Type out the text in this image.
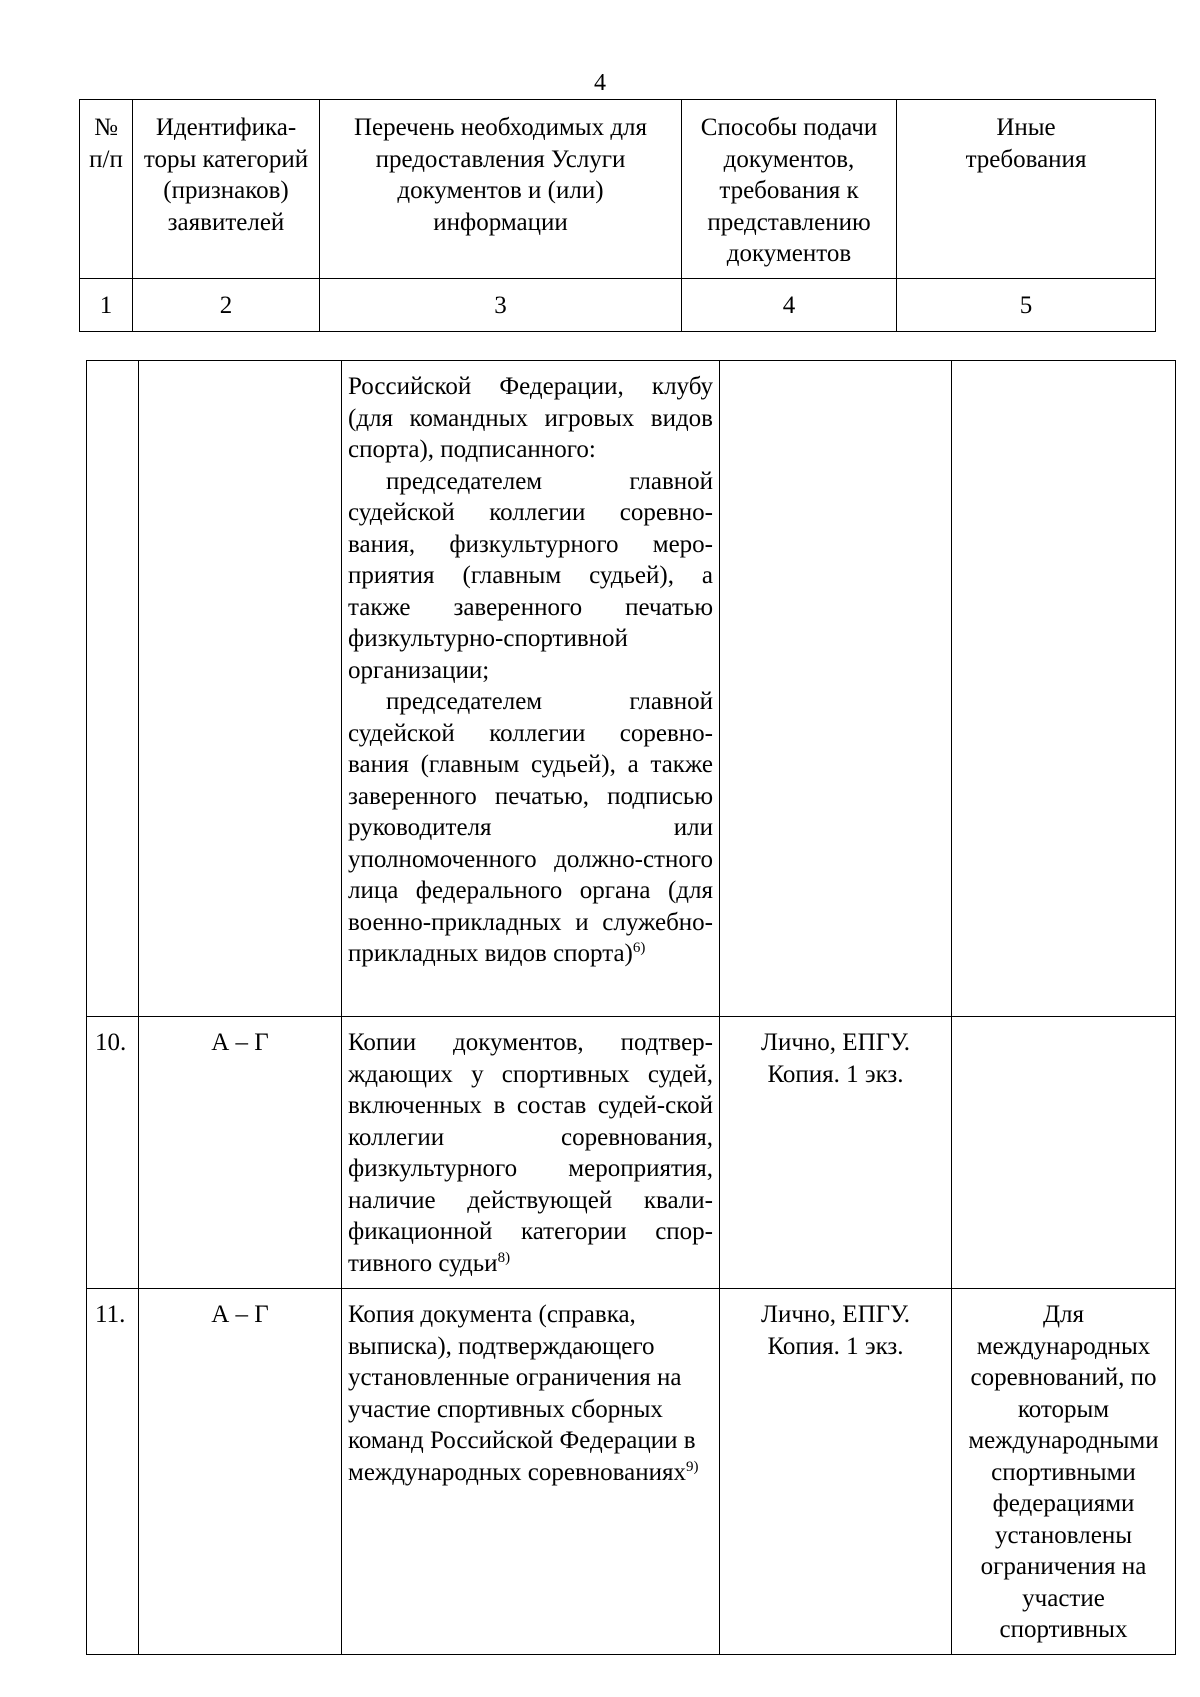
4
№ п/п	Идентифика-торы категорий (признаков) заявителей	Перечень необходимых для предоставления Услуги документов и (или) информации	Способы подачи документов, требования к представлению документов	Иные требования
1	2	3	4	5

		Российской Федерации, клубу (для командных игровых видов спорта), подписанного:

председателем главной судейской коллегии соревно-вания, физкультурного меро-приятия (главным судьей), а также заверенного печатью физкультурно-спортивной организации;

председателем главной судейской коллегии соревно-вания (главным судьей), а также заверенного печатью, подписью руководителя или уполномоченного должно-стного лица федерального органа (для военно-прикладных и служебно-прикладных видов спорта)$^{6)}$

10.	А – Г	Копии документов, подтвер-ждающих у спортивных судей, включенных в состав судей-ской коллегии соревнования, физкультурного мероприятия, наличие действующей квали-фикационной категории спор-тивного судьи$^{8)}$	Лично, ЕПГУ.
Копия. 1 экз.	

11.	А – Г	Копия документа (справка, выписка), подтверждающего установленные ограничения на участие спортивных сборных команд Российской Федерации в международных соревнованиях$^{9)}$	Лично, ЕПГУ.
Копия. 1 экз.	Для международных соревнований, по которым международными спортивными федерациями установлены ограничения на участие спортивных
